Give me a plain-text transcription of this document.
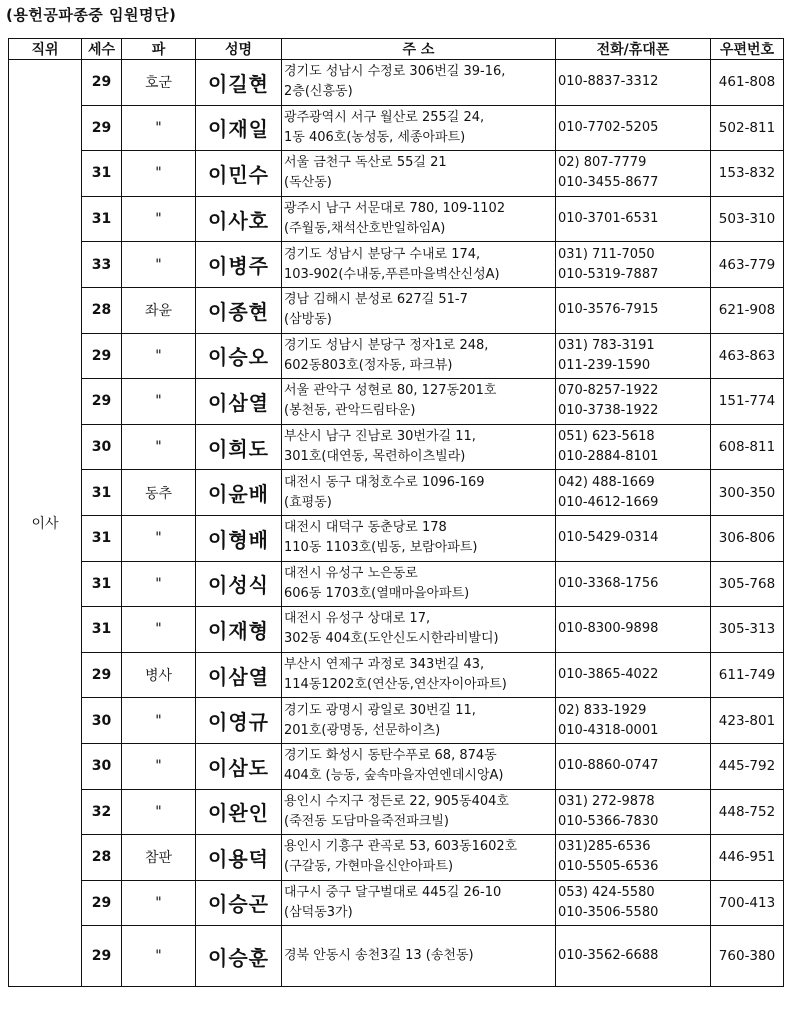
(용헌공파종중 임원명단)
직위	세수	파	성명	주 소	전화/휴대폰	우편번호
이사	29	호군	이길현	경기도 성남시 수정로 306번길 39-16,
2층(신흥동)	010-8837-3312	461-808
	29	"	이재일	광주광역시 서구 월산로 255길 24,
1동 406호(농성동, 세종아파트)	010-7702-5205	502-811
	31	"	이민수	서울 금천구 독산로 55길 21
(독산동)	02) 807-7779
010-3455-8677	153-832
	31	"	이사호	광주시 남구 서문대로 780, 109-1102
(주월동,채석산호반일하임A)	010-3701-6531	503-310
	33	"	이병주	경기도 성남시 분당구 수내로 174,
103-902(수내동,푸른마을벽산신성A)	031) 711-7050
010-5319-7887	463-779
	28	좌윤	이종현	경남 김해시 분성로 627길 51-7
(삼방동)	010-3576-7915	621-908
	29	"	이승오	경기도 성남시 분당구 정자1로 248,
602동803호(정자동, 파크뷰)	031) 783-3191
011-239-1590	463-863
	29	"	이삼열	서울 관악구 성현로 80, 127동201호
(봉천동, 관악드림타운)	070-8257-1922
010-3738-1922	151-774
	30	"	이희도	부산시 남구 진남로 30번가길 11,
301호(대연동, 목련하이츠빌라)	051) 623-5618
010-2884-8101	608-811
	31	동추	이윤배	대전시 동구 대청호수로 1096-169
(효평동)	042) 488-1669
010-4612-1669	300-350
	31	"	이형배	대전시 대덕구 동춘당로 178
110동 1103호(빔동, 보람아파트)	010-5429-0314	306-806
	31	"	이성식	대전시 유성구 노은동로
606동 1703호(열매마을아파트)	010-3368-1756	305-768
	31	"	이재형	대전시 유성구 상대로 17,
302동 404호(도안신도시한라비발디)	010-8300-9898	305-313
	29	병사	이삼열	부산시 연제구 과정로 343번길 43,
114동1202호(연산동,연산자이아파트)	010-3865-4022	611-749
	30	"	이영규	경기도 광명시 광일로 30번길 11,
201호(광명동, 선문하이츠)	02) 833-1929
010-4318-0001	423-801
	30	"	이삼도	경기도 화성시 동탄수푸로 68, 874동
404호 (능동, 숲속마을자연엔데시앙A)	010-8860-0747	445-792
	32	"	이완인	용인시 수지구 정든로 22, 905동404호
(죽전동 도담마을죽전파크빌)	031) 272-9878
010-5366-7830	448-752
	28	참판	이용덕	용인시 기흥구 관곡로 53, 603동1602호
(구갈동, 가현마을신안아파트)	031)285-6536
010-5505-6536	446-951
	29	"	이승곤	대구시 중구 달구벌대로 445길 26-10
(삼덕동3가)	053) 424-5580
010-3506-5580	700-413
	29	"	이승훈	경북 안동시 송천3길 13 (송천동)	010-3562-6688	760-380
